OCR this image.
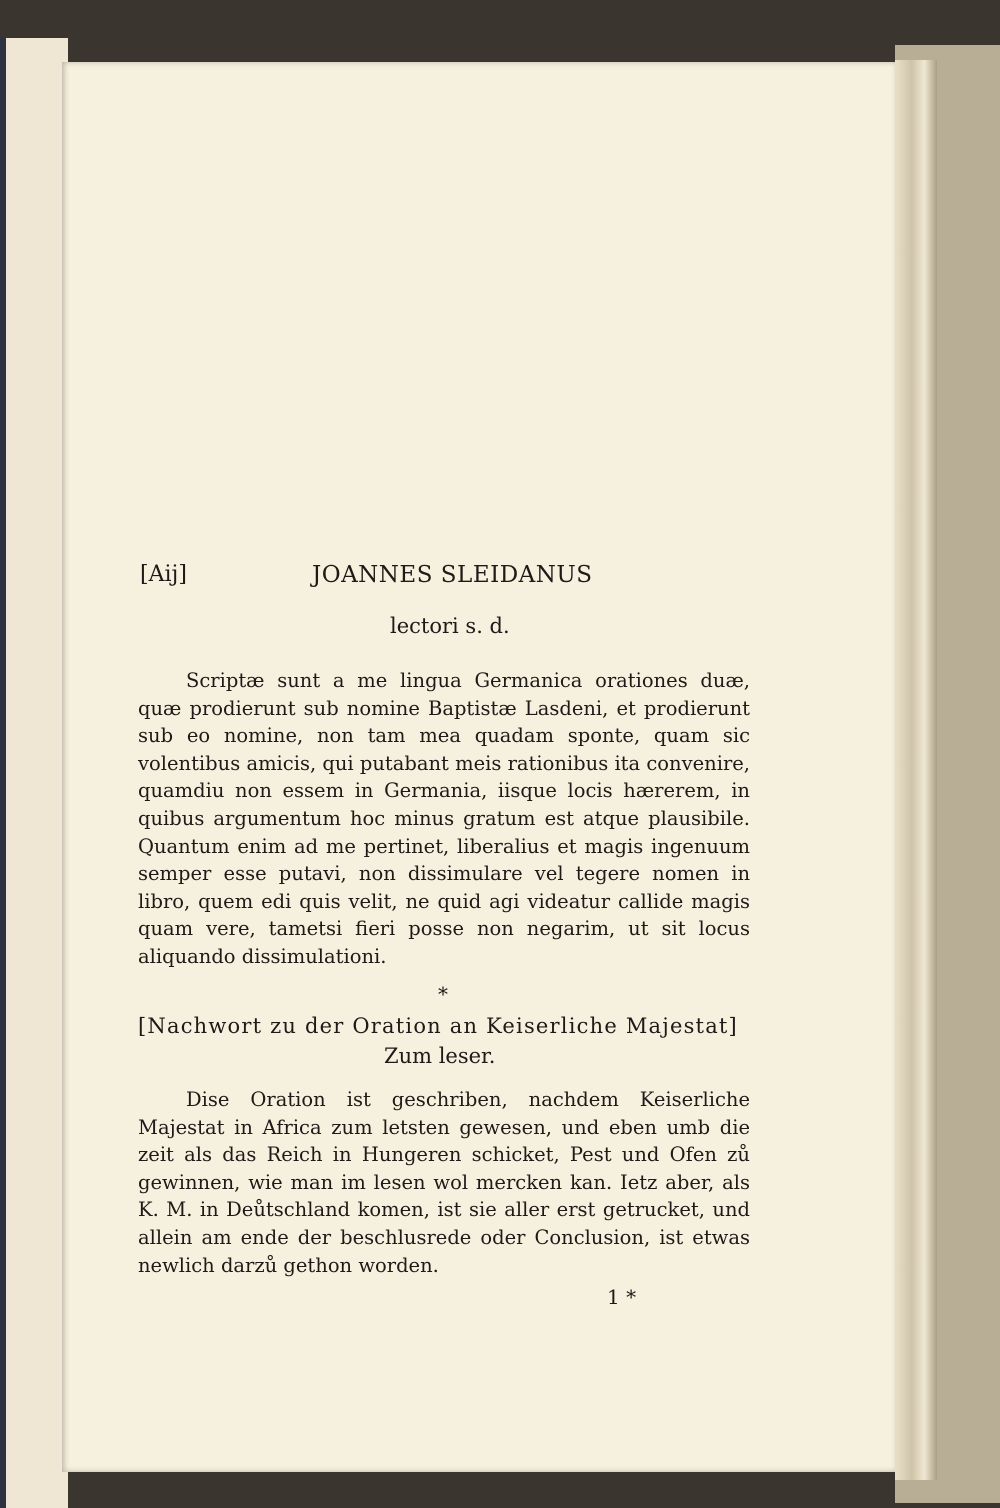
[Aij]	JOANNES SLEIDANUS
lectori s. d.
Scriptæ sunt a me lingua Germanica orationes duæ, quæ prodierunt sub nomine Baptistæ Lasdeni, et prodierunt sub eo nomine, non tam mea quadam sponte, quam sic volentibus amicis, qui putabant meis rationibus ita convenire, quamdiu non essem in Germania, iisque locis hærerem, in quibus argumentum hoc minus gratum est atque plausibile. Quantum enim ad me pertinet, liberalius et magis ingenuum semper esse putavi, non dissimulare vel tegere nomen in libro, quem edi quis velit, ne quid agi videatur callide magis quam vere, tametsi fieri posse non negarim, ut sit locus aliquando dissimulationi.
*
[Nachwort zu der Oration an Keiserliche Majestat]
Zum leser.
Dise Oration ist geschriben, nachdem Keiserliche Majestat in Africa zum letsten gewesen, und eben umb die zeit als das Reich in Hungeren schicket, Pest und Ofen zů gewinnen, wie man im lesen wol mercken kan. Ietz aber, als K. M. in Deůtschland komen, ist sie aller erst getrucket, und allein am ende der beschlusrede oder Conclusion, ist etwas newlich darzů gethon worden.
1 *
